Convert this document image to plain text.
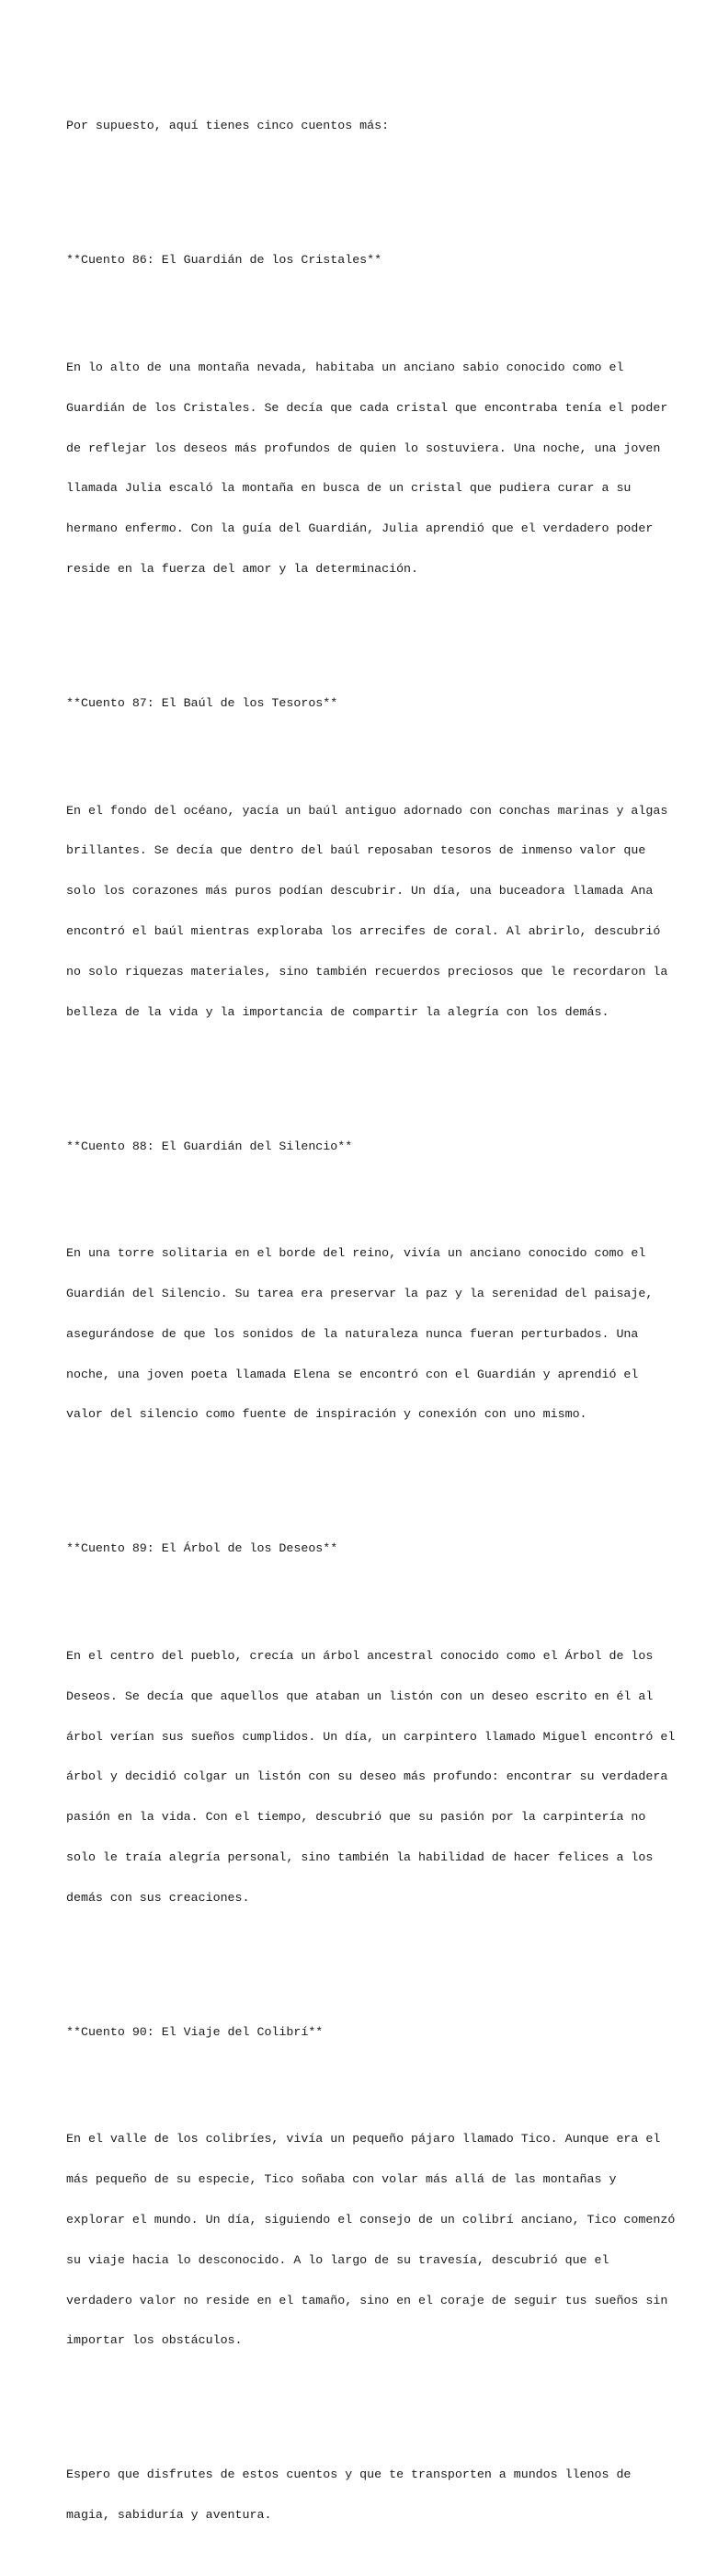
Por supuesto, aquí tienes cinco cuentos más:

**Cuento 86: El Guardián de los Cristales**

En lo alto de una montaña nevada, habitaba un anciano sabio conocido como el

Guardián de los Cristales. Se decía que cada cristal que encontraba tenía el poder

de reflejar los deseos más profundos de quien lo sostuviera. Una noche, una joven

llamada Julia escaló la montaña en busca de un cristal que pudiera curar a su

hermano enfermo. Con la guía del Guardián, Julia aprendió que el verdadero poder

reside en la fuerza del amor y la determinación.

**Cuento 87: El Baúl de los Tesoros**

En el fondo del océano, yacía un baúl antiguo adornado con conchas marinas y algas

brillantes. Se decía que dentro del baúl reposaban tesoros de inmenso valor que

solo los corazones más puros podían descubrir. Un día, una buceadora llamada Ana

encontró el baúl mientras exploraba los arrecifes de coral. Al abrirlo, descubrió

no solo riquezas materiales, sino también recuerdos preciosos que le recordaron la

belleza de la vida y la importancia de compartir la alegría con los demás.

**Cuento 88: El Guardián del Silencio**

En una torre solitaria en el borde del reino, vivía un anciano conocido como el

Guardián del Silencio. Su tarea era preservar la paz y la serenidad del paisaje,

asegurándose de que los sonidos de la naturaleza nunca fueran perturbados. Una

noche, una joven poeta llamada Elena se encontró con el Guardián y aprendió el

valor del silencio como fuente de inspiración y conexión con uno mismo.

**Cuento 89: El Árbol de los Deseos**

En el centro del pueblo, crecía un árbol ancestral conocido como el Árbol de los

Deseos. Se decía que aquellos que ataban un listón con un deseo escrito en él al

árbol verían sus sueños cumplidos. Un día, un carpintero llamado Miguel encontró el

árbol y decidió colgar un listón con su deseo más profundo: encontrar su verdadera

pasión en la vida. Con el tiempo, descubrió que su pasión por la carpintería no

solo le traía alegría personal, sino también la habilidad de hacer felices a los

demás con sus creaciones.

**Cuento 90: El Viaje del Colibrí**

En el valle de los colibríes, vivía un pequeño pájaro llamado Tico. Aunque era el

más pequeño de su especie, Tico soñaba con volar más allá de las montañas y

explorar el mundo. Un día, siguiendo el consejo de un colibrí anciano, Tico comenzó

su viaje hacia lo desconocido. A lo largo de su travesía, descubrió que el

verdadero valor no reside en el tamaño, sino en el coraje de seguir tus sueños sin

importar los obstáculos.

Espero que disfrutes de estos cuentos y que te transporten a mundos llenos de

magia, sabiduría y aventura.
